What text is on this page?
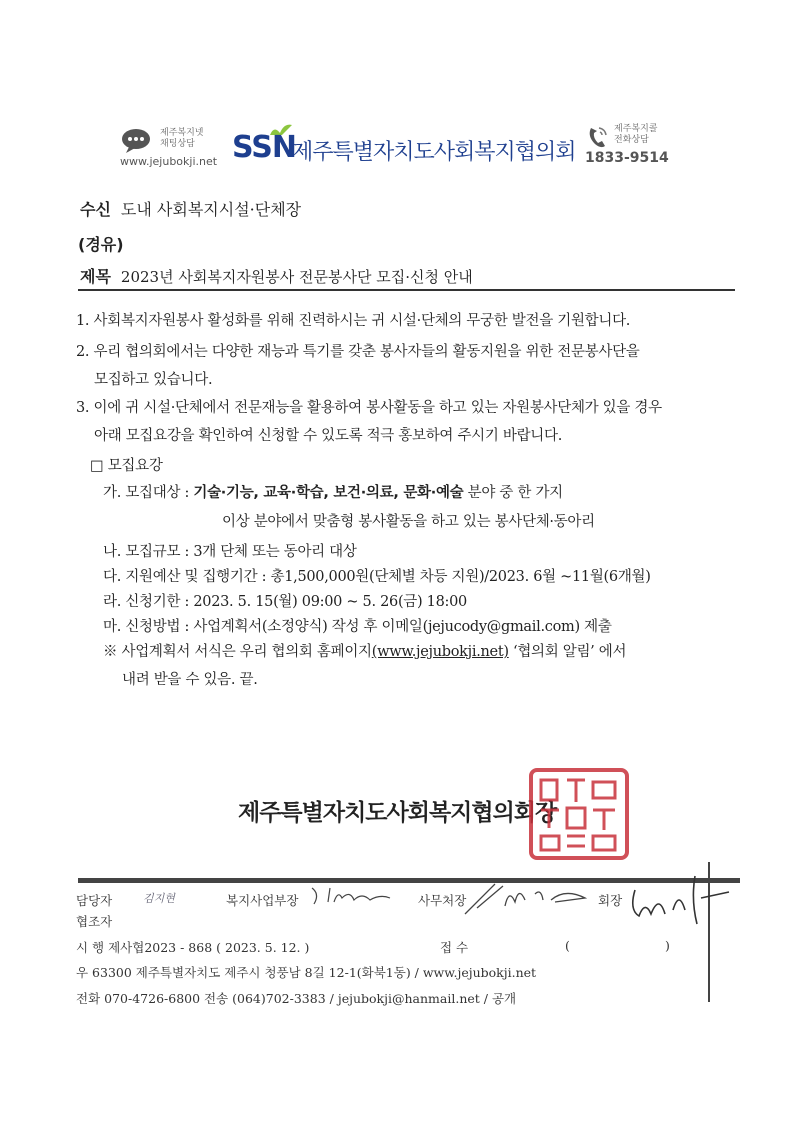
제주복지넷
채팅상담
www.jejubokji.net SSN
제주특별자치도사회복지협의회
제주복지콜
전화상담
1833-9514
수신 도내 사회복지시설·단체장
(경유)
제목 2023년 사회복지자원봉사 전문봉사단 모집·신청 안내
1. 사회복지자원봉사 활성화를 위해 진력하시는 귀 시설·단체의 무궁한 발전을 기원합니다.
2. 우리 협의회에서는 다양한 재능과 특기를 갖춘 봉사자들의 활동지원을 위한 전문봉사단을
모집하고 있습니다.
3. 이에 귀 시설·단체에서 전문재능을 활용하여 봉사활동을 하고 있는 자원봉사단체가 있을 경우
아래 모집요강을 확인하여 신청할 수 있도록 적극 홍보하여 주시기 바랍니다.
□ 모집요강
가. 모집대상 : 기술·기능, 교육·학습, 보건·의료, 문화·예술 분야 중 한 가지
이상 분야에서 맞춤형 봉사활동을 하고 있는 봉사단체·동아리
나. 모집규모 : 3개 단체 또는 동아리 대상
다. 지원예산 및 집행기간 : 총1,500,000원(단체별 차등 지원)/2023. 6월 ~11월(6개월)
라. 신청기한 : 2023. 5. 15(월) 09:00 ~ 5. 26(금) 18:00
마. 신청방법 : 사업계획서(소정양식) 작성 후 이메일(jejucody@gmail.com) 제출
※ 사업계획서 서식은 우리 협의회 홈페이지(www.jejubokji.net) ‘협의회 알림’ 에서
내려 받을 수 있음. 끝.
제주특별자치도사회복지협의회장
담당자	김지현	복지사업부장	사무처장	회장
협조자
시 행 제사협2023 - 868 ( 2023. 5. 12. )	접 수	(	)
우 63300 제주특별자치도 제주시 청풍남 8길 12-1(화북1동) / www.jejubokji.net
전화 070-4726-6800 전송 (064)702-3383 / jejubokji@hanmail.net / 공개
